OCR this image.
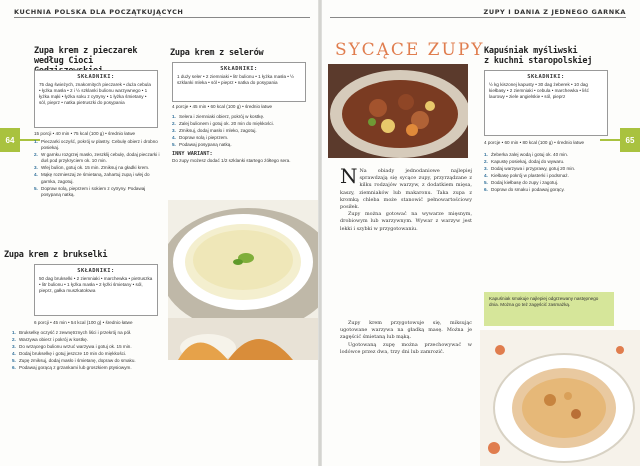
KUCHNIA POLSKA DLA POCZĄTKUJĄCYCH	ZUPY I DANIA Z JEDNEGO GARNKA
64	65
Zupa krem z pieczarek
według Cioci
SKŁADNIKI:
75 dag świeżych, znakomitych pieczarek • duża cebula • łyżka masła • 2 i ½ szklanki bulionu warzywnego • 1 łyżka mąki • łyżka soku z cytryny • 1 łyżka śmietany • sól, pieprz • natka pietruszki do posypania
15 porcji • 40 min • 75 kcal (100 g) • średnio łatwe
1. Pieczarki oczyść, pokrój w plastry. Cebulę obierz i drobno posiekaj.
2. W garnku rozgrzej masło, zeszklij cebulę, dodaj pieczarki i duś pod przykryciem ok. 10 min.
3. Wlej bulion, gotuj ok. 15 min. Zmiksuj na gładki krem.
4. Mąkę rozmieszaj ze śmietaną, zahartuj zupą i wlej do garnka, zagotuj.
5. Dopraw solą, pieprzem i sokiem z cytryny. Podawaj posypaną natką.
Zupa krem z brukselki
SKŁADNIKI:
50 dag brukselki • 2 ziemniaki • marchewka • pietruszka • litr bulionu • 1 łyżka masła • 2 łyżki śmietany • sól, pieprz, gałka muszkatołowa
6 porcji • 45 min • 54 kcal (100 g) • średnio łatwe
1. Brukselkę oczyść z zewnętrznych liści i przekrój na pół.
2. Warzywa obierz i pokrój w kostkę.
3. Do wrzącego bulionu wrzuć warzywa i gotuj ok. 15 min.
4. Dodaj brukselkę i gotuj jeszcze 10 min do miękkości.
5. Zupę zmiksuj, dodaj masło i śmietanę, dopraw do smaku.
6. Podawaj gorącą z grzankami lub groszkiem ptysiowym.
Zupa krem z selerów
SKŁADNIKI:
1 duży seler • 2 ziemniaki • litr bulionu • 1 łyżka masła • ½ szklanki mleka • sól • pieprz • natka do posypania
4 porcje • 45 min • 60 kcal (100 g) • średnio łatwe
1. Selera i ziemniaki obierz, pokrój w kostkę.
2. Zalej bulionem i gotuj ok. 20 min do miękkości.
3. Zmiksuj, dodaj masło i mleko, zagotuj.
4. Dopraw solą i pieprzem.
5. Podawaj posypaną natką.
INNY WARIANT:
Do zupy możesz dodać 1/2 szklanki startego żółtego sera.
SYCĄCE ZUPY

N Na obiady jednodaniowe najlepiej sprawdzają się sycące zupy, przyrządzane z kilku rodzajów warzyw, z dodatkiem mięsa, kaszy, ziemniaków lub makaronu. Taka zupa z kromką chleba może stanowić pełnowartościowy posiłek.

Zupy można gotować na wywarze mięsnym, drobiowym lub warzywnym. Wywar z warzyw jest lekki i szybki w przygotowaniu.

Zupy krem przygotowuje się, miksując ugotowane warzywa na gładką masę. Można je zagęścić śmietaną lub mąką.

Ugotowaną zupę można przechowywać w lodówce przez dwa, trzy dni lub zamrozić.

Kapuśniak myśliwski
z kuchni staropolskiej
SKŁADNIKI:
½ kg kiszonej kapusty • 30 dag żeberek • 10 dag kiełbasy • 2 ziemniaki • cebula • marchewka • liść laurowy • ziele angielskie • sól, pieprz
4 porcje • 60 min • 80 kcal (100 g) • średnio łatwe
1. Żeberka zalej wodą i gotuj ok. 40 min.
2. Kapustę posiekaj, dodaj do wywaru.
3. Dodaj warzywa i przyprawy, gotuj 20 min.
4. Kiełbasę pokrój w plasterki i podsmaż.
5. Dodaj kiełbasę do zupy i zagotuj.
6. Dopraw do smaku i podawaj gorący.
Kapuśniak smakuje najlepiej odgrzewany następnego dnia. Można go też zagęścić zasmażką.
